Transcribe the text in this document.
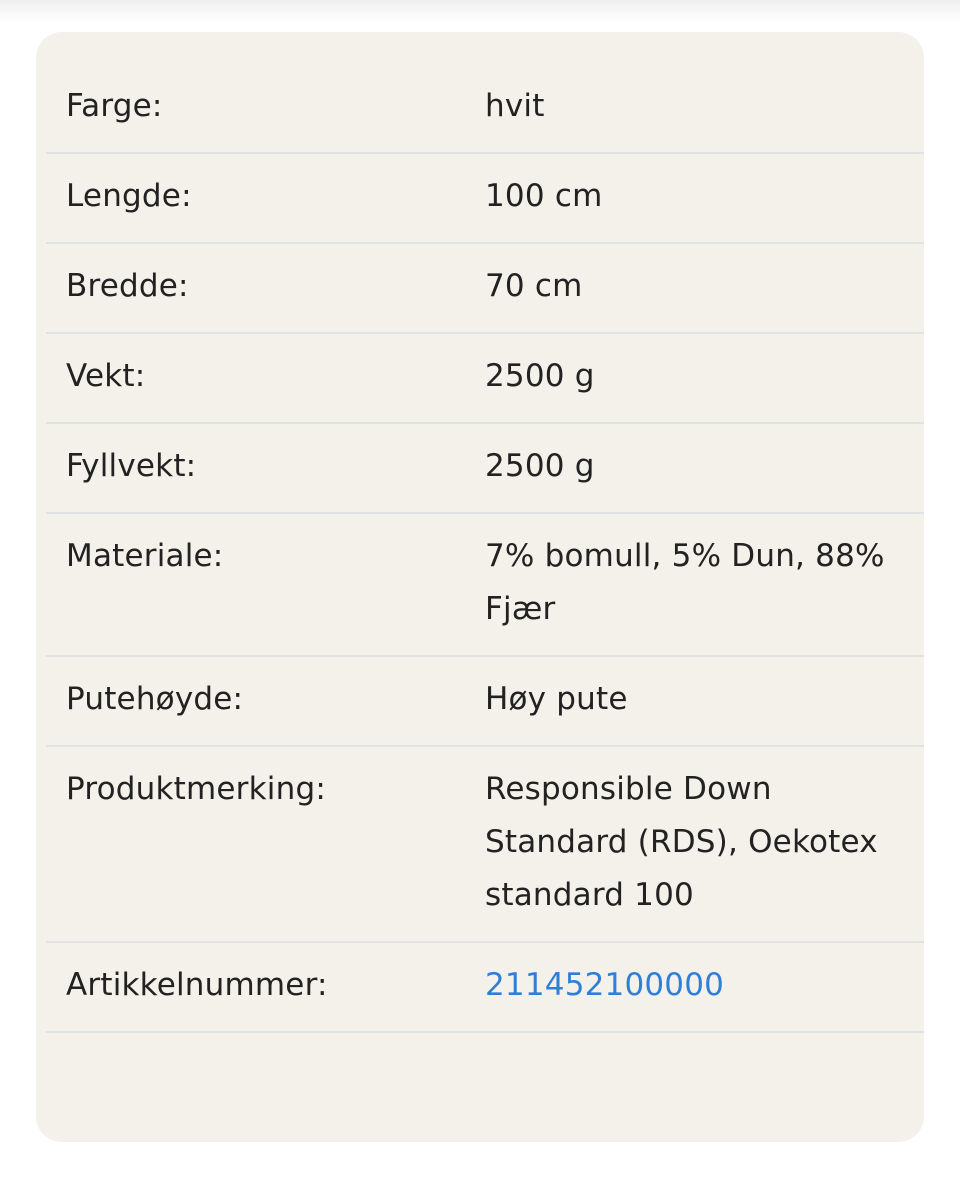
Farge:	hvit
Lengde:	100 cm
Bredde:	70 cm
Vekt:	2500 g
Fyllvekt:	2500 g
Materiale:	7% bomull, 5% Dun, 88% Fjær
Putehøyde:	Høy pute
Produktmerking:	Responsible Down Standard (RDS), Oekotex standard 100
Artikkelnummer:	211452100000
